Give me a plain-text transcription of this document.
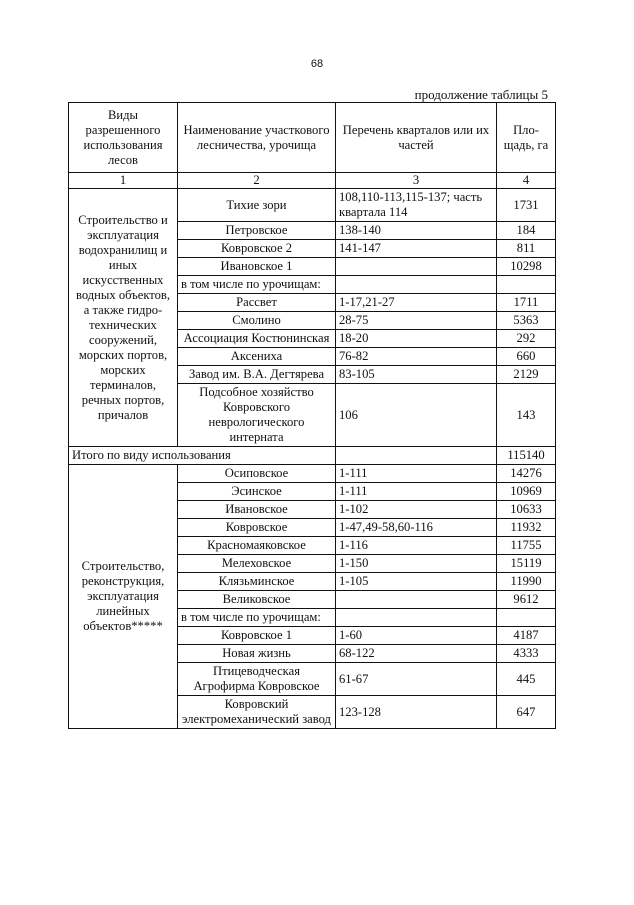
68
продолжение таблицы 5
Виды разрешенного использования лесов	Наименование участкового лесничества, урочища	Перечень кварталов или их частей	Пло-щадь, га
1	2	3	4
Строительство и эксплуатация водохранилищ и иных искусственных водных объектов, а также гидро-технических сооружений, морских портов, морских терминалов, речных портов, причалов	Тихие зори	108,110-113,115-137; часть квартала 114	1731
	Петровское	138-140	184
	Ковровское 2	141-147	811
	Ивановское 1		10298
	в том числе по урочищам:		
	Рассвет	1-17,21-27	1711
	Смолино	28-75	5363
	Ассоциация Костюнинская	18-20	292
	Аксениха	76-82	660
	Завод им. В.А. Дегтярева	83-105	2129
	Подсобное хозяйство Ковровского неврологического интерната	106	143
Итого по виду использования			115140
Строительство, реконструкция, эксплуатация линейных объектов*****	Осиповское	1-111	14276
	Эсинское	1-111	10969
	Ивановское	1-102	10633
	Ковровское	1-47,49-58,60-116	11932
	Красномаяковское	1-116	11755
	Мелеховское	1-150	15119
	Клязьминское	1-105	11990
	Великовское		9612
	в том числе по урочищам:		
	Ковровское 1	1-60	4187
	Новая жизнь	68-122	4333
	Птицеводческая Агрофирма Ковровское	61-67	445
	Ковровский электромеханический завод	123-128	647
